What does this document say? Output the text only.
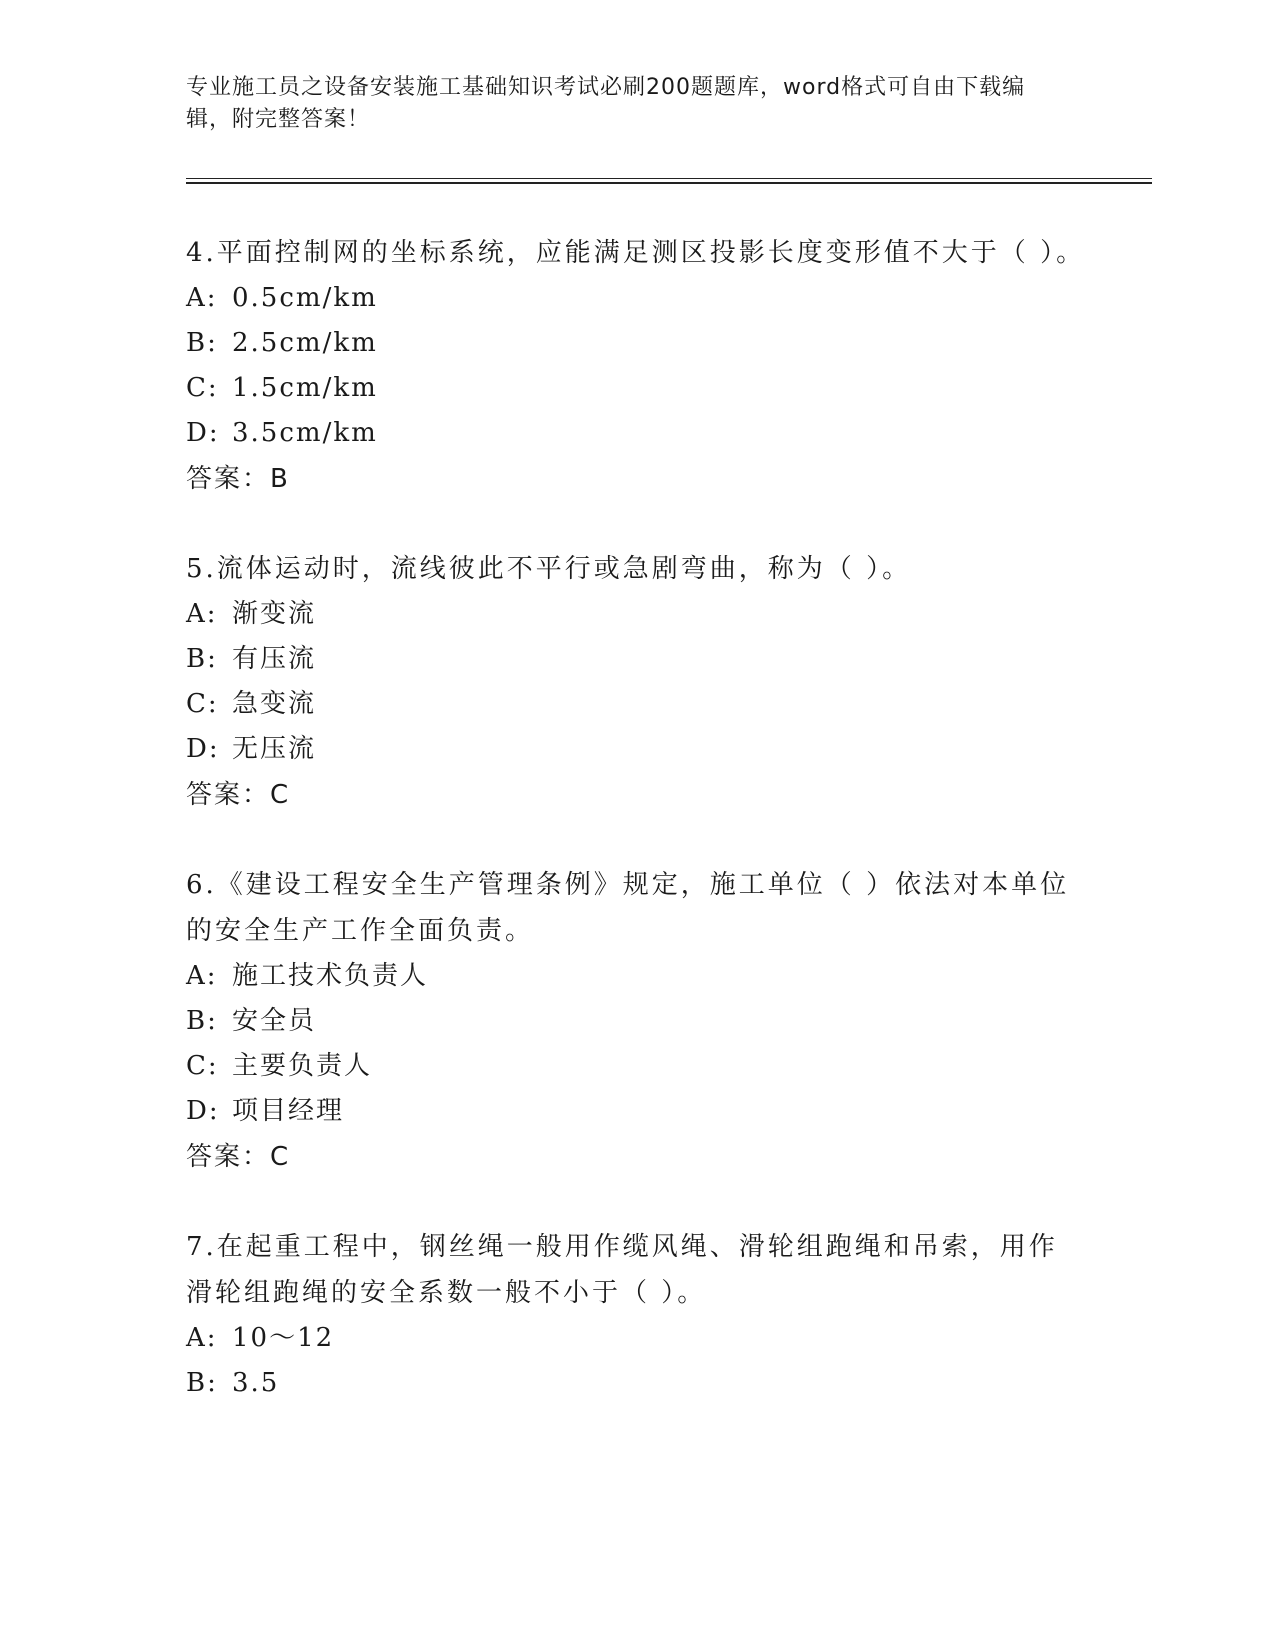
专业施工员之设备安装施工基础知识考试必刷200题题库，word格式可自由下载编辑，附完整答案！

4.平面控制网的坐标系统，应能满足测区投影长度变形值不大于（ ）。

A: 0.5cm/km

B: 2.5cm/km

C: 1.5cm/km

D: 3.5cm/km

答案：B

5.流体运动时，流线彼此不平行或急剧弯曲，称为（ ）。

A: 渐变流

B: 有压流

C: 急变流

D: 无压流

答案：C

6.《建设工程安全生产管理条例》规定，施工单位（ ）依法对本单位的安全生产工作全面负责。

A: 施工技术负责人

B: 安全员

C: 主要负责人

D: 项目经理

答案：C

7.在起重工程中，钢丝绳一般用作缆风绳、滑轮组跑绳和吊索，用作滑轮组跑绳的安全系数一般不小于（ ）。

A: 10～12

B: 3.5
